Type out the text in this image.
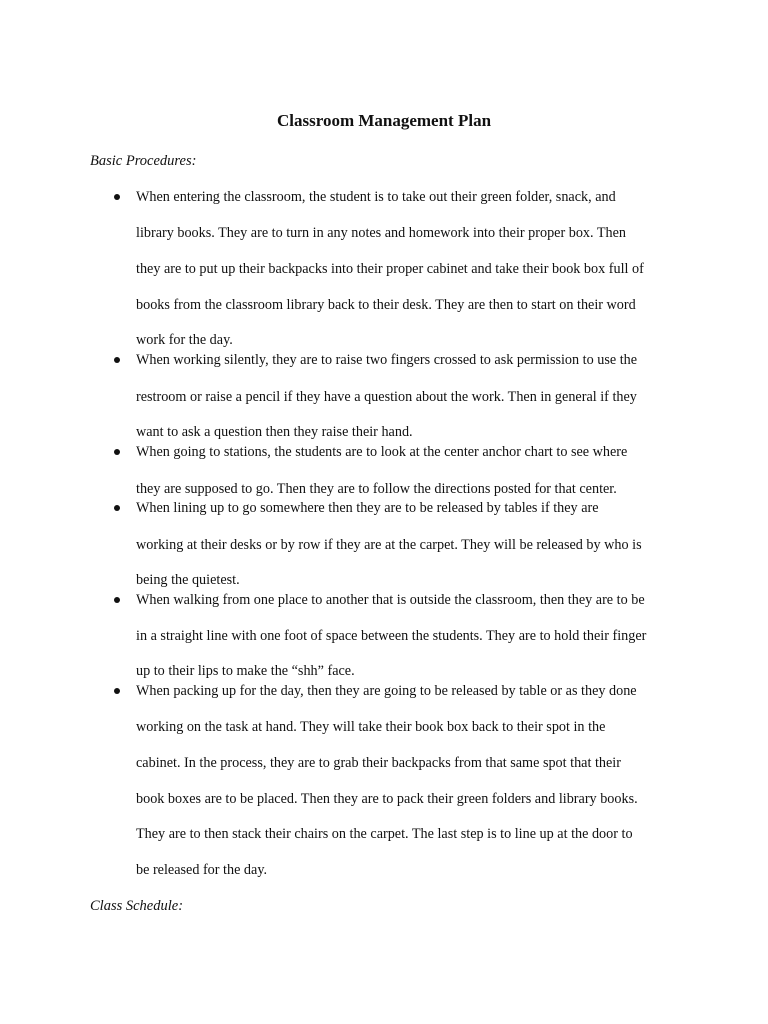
Classroom Management Plan
Basic Procedures:
When entering the classroom, the student is to take out their green folder, snack, and
library books. They are to turn in any notes and homework into their proper box. Then
they are to put up their backpacks into their proper cabinet and take their book box full of
books from the classroom library back to their desk. They are then to start on their word
work for the day.
When working silently, they are to raise two fingers crossed to ask permission to use the
restroom or raise a pencil if they have a question about the work. Then in general if they
want to ask a question then they raise their hand.
When going to stations, the students are to look at the center anchor chart to see where
they are supposed to go. Then they are to follow the directions posted for that center.
When lining up to go somewhere then they are to be released by tables if they are
working at their desks or by row if they are at the carpet. They will be released by who is
being the quietest.
When walking from one place to another that is outside the classroom, then they are to be
in a straight line with one foot of space between the students. They are to hold their finger
up to their lips to make the “shh” face.
When packing up for the day, then they are going to be released by table or as they done
working on the task at hand. They will take their book box back to their spot in the
cabinet. In the process, they are to grab their backpacks from that same spot that their
book boxes are to be placed. Then they are to pack their green folders and library books.
They are to then stack their chairs on the carpet. The last step is to line up at the door to
be released for the day.
Class Schedule:
